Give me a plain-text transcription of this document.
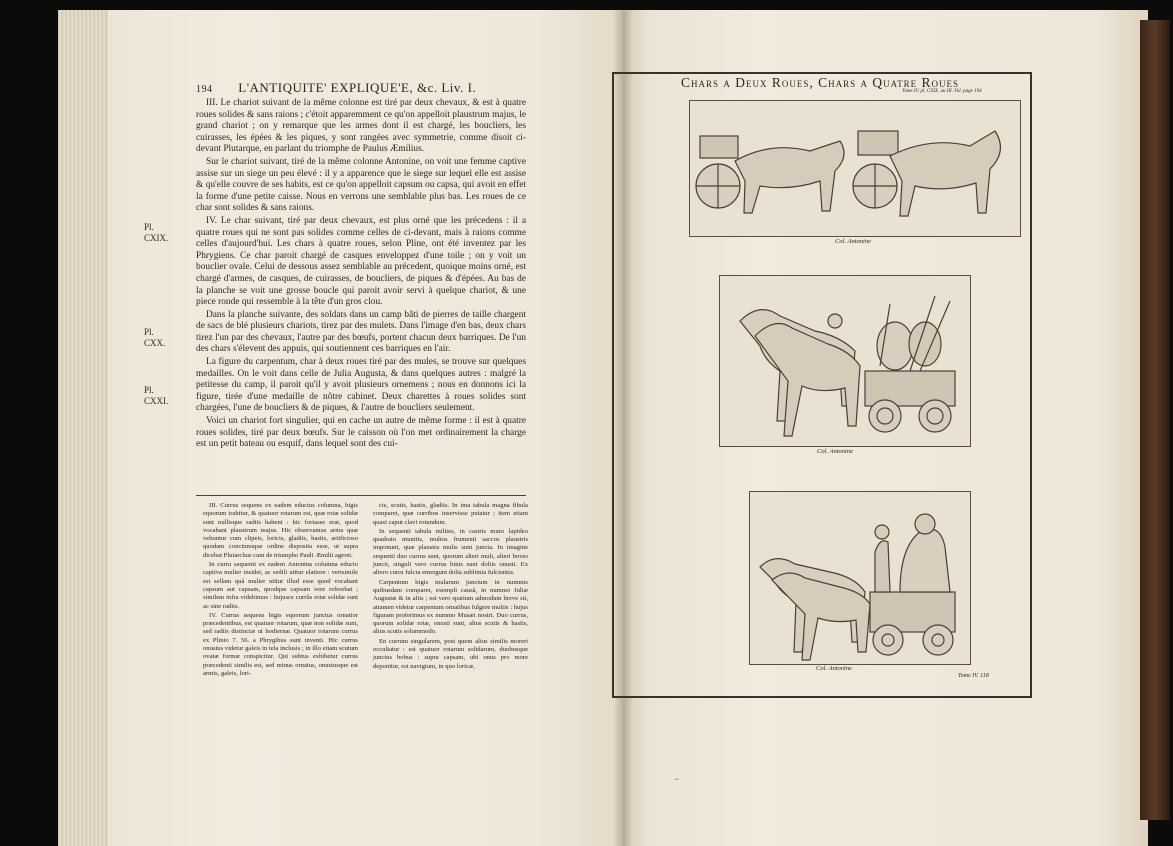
194 L'ANTIQUITE' EXPLIQUE'E, &c. Liv. I.

III. Le chariot suivant de la même colonne est tiré par deux chevaux, & est à quatre roues solides & sans raions ; c'étoit apparemment ce qu'on appelloit plaustrum majus, le grand chariot ; on y remarque que les armes dont il est chargé, les boucliers, les cuirasses, les épées & les piques, y sont rangées avec symmetrie, comme disoit ci-devant Plutarque, en parlant du triomphe de Paulus Æmilius.

Sur le chariot suivant, tiré de la même colonne Antonine, on voit une femme captive assise sur un siege un peu élevé : il y a apparence que le siege sur lequel elle est assise & qu'elle couvre de ses habits, est ce qu'on appelloit capsum ou capsa, qui avoit en effet la forme d'une petite caisse. Nous en verrons une semblable plus bas. Les roues de ce char sont solides & sans raions.

IV. Le char suivant, tiré par deux chevaux, est plus orné que les précedens : il a quatre roues qui ne sont pas solides comme celles de ci-devant, mais à raions comme celles d'aujourd'hui. Les chars à quatre roues, selon Pline, ont été inventez par les Phrygiens. Ce char paroit chargé de casques enveloppez d'une toile ; on y voit un bouclier ovale. Celui de dessous assez semblable au précedent, quoique moins orné, est chargé d'armes, de casques, de cuirasses, de boucliers, de piques & d'épées. Au bas de la planche se voit une grosse boucle qui paroit avoir servi à quelque chariot, & une piece ronde qui ressemble à la tête d'un gros clou.

Dans la planche suivante, des soldats dans un camp bâti de pierres de taille chargent de sacs de blé plusieurs chariots, tirez par des mulets. Dans l'image d'en bas, deux chars tirez l'un par des chevaux, l'autre par des bœufs, portent chacun deux barriques. De l'un des chars s'élevent des appuis, qui soutiennent ces barriques en l'air.

La figure du carpentum, char à deux roues tiré par des mules, se trouve sur quelques medailles. On le voit dans celle de Julia Augusta, & dans quelques autres : malgré la petitesse du camp, il paroit qu'il y avoit plusieurs ornemens ; nous en donnons ici la figure, tirée d'une medaille de nôtre cabinet. Deux charettes à roues solides sont chargées, l'une de boucliers & de piques, & l'autre de boucliers seulement.

Voici un chariot fort singulier, qui en cache un autre de même forme : il est à quatre roues solides, tiré par deux bœufs. Sur le caisson où l'on met ordinairement la charge est un petit bateau ou esquif, dans lequel sont des cui-

Pl.
CXIX.
Pl.
CXX.
Pl.
CXXI.

III. Currus sequens ex eadem eductus columna, bigis equorum trahitur, & quatuor rotarum est, quæ rotæ solidæ sunt nullisque radiis habent : hic fortasse erat, quod vocabant plaustrum majus. Hic observamus arma quæ vehuntur cum clipeis, loricis, gladiis, hastis, artificioso quodam concinnoque ordine disposita esse, ut supra dicebat Plutarchus cum de triumpho Pauli Æmilii ageret.

In curru sequenti ex eadem Antonina columna educto captiva mulier insidet, ac sedili utitur elatiore : verisimile est sellam quâ mulier utitur illud esse quod vocabant capsum aut capsam, quodque capsam vere referebat ; similem infra videbimus : hujusce currûs rotæ solidæ sunt ac sine radiis.

IV. Currus sequens bigis equorum junctus ornatior præcedentibus, est quatuor rotarum, quæ non solidæ sunt, sed radiis distinctæ ut hodiernæ. Quatuor rotarum currus ex Plinio 7. 56. a Phrygibus sunt inventi. Hic currus onustus videtur galeis in tela inclusis ; in illo etiam scutum ovatæ formæ conspicitur. Qui subtus exhibetur currus præcedenti similis est, sed minus ornatus, onustusque est armis, galeis, lori-

cis, scutis, hastis, gladiis. In ima tabula magna fibula comparet, quæ curribus inservisse putatur ; item etiam quasi caput clavi rotundum.

In sequenti tabula milites, in castris muro lapideo quadrato munitis, multos frumenti saccos plaustris imponunt, quæ plaustra mulis sunt juncta. In imagine sequenti duo currus sunt, quorum alteri muli, alteri boves juncti, singuli vero currus binis sunt doliis onusti. Ex altero curru fulcra emergunt dolia sublimia fulcientia.

Carpentum bigis mularum junctum in nummis quibusdam comparet, exempli causâ, in nummo Juliæ Augustæ & in aliis ; est vero spatium admodum breve sit, attamen videtur carpentum ornatibus fulgere multis : hujus figuram proferimus ex nummo Musæi nostri. Duo currus, quorum solidæ rotæ, onusti sunt, alius scutis & hastis, alius scutis solummodo.

En currum singularem, post quem alius similis moreri occultatur : est quatuor rotarum solidarum, duobusque junctus bobus : supra capsam, ubi onus pro more deponitur, est navigium, in quo loricæ,

Chars a Deux Roues, Chars a Quatre Roues
Tome IV. pl. CXIX. au III. Vol. page 194
Col. Antonine
Col. Antonine
Col. Antonine
Tome IV. 118
~
